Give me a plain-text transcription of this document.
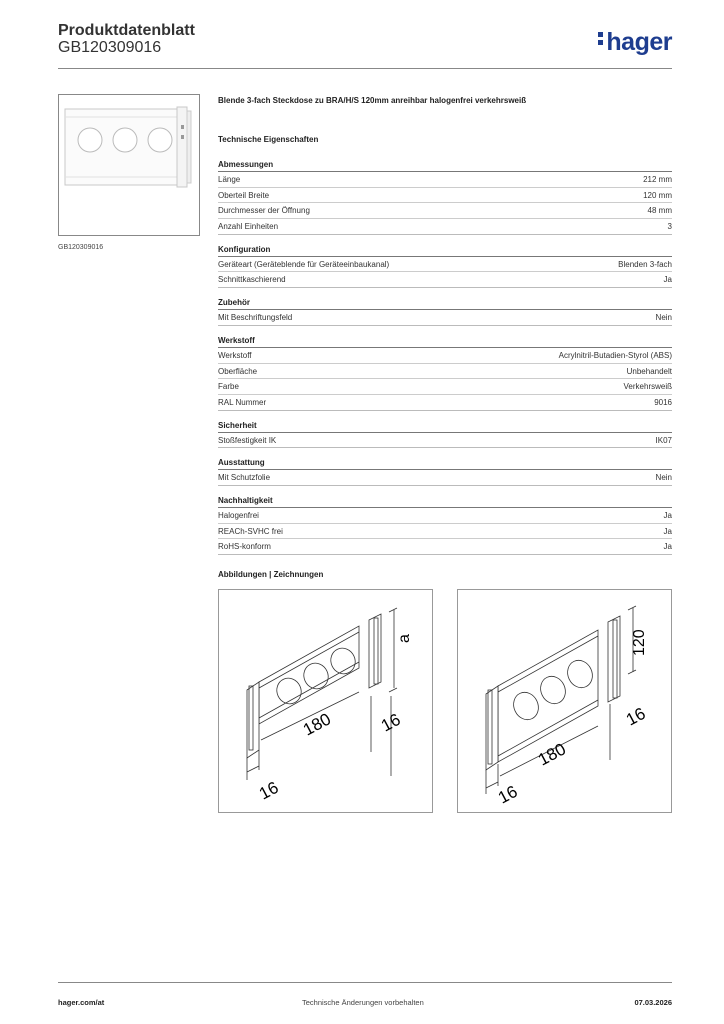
Produktdatenblatt
GB120309016	hager
GB120309016
Blende 3-fach Steckdose zu BRA/H/S 120mm anreihbar halogenfrei verkehrsweiß
Technische Eigenschaften
Abmessungen
Länge	212 mm
Oberteil Breite	120 mm
Durchmesser der Öffnung	48 mm
Anzahl Einheiten	3
Konfiguration
Geräteart (Geräteblende für Geräteeinbaukanal)	Blenden 3-fach
Schnittkaschierend	Ja
Zubehör
Mit Beschriftungsfeld	Nein
Werkstoff
Werkstoff	Acrylnitril-Butadien-Styrol (ABS)
Oberfläche	Unbehandelt
Farbe	Verkehrsweiß
RAL Nummer	9016
Sicherheit
Stoßfestigkeit IK	IK07
Ausstattung
Mit Schutzfolie	Nein
Nachhaltigkeit
Halogenfrei	Ja
REACh-SVHC frei	Ja
RoHS-konform	Ja
Abbildungen | Zeichnungen
a
180	16
16
120
180
16
16
hager.com/at	Technische Änderungen vorbehalten	07.03.2026
